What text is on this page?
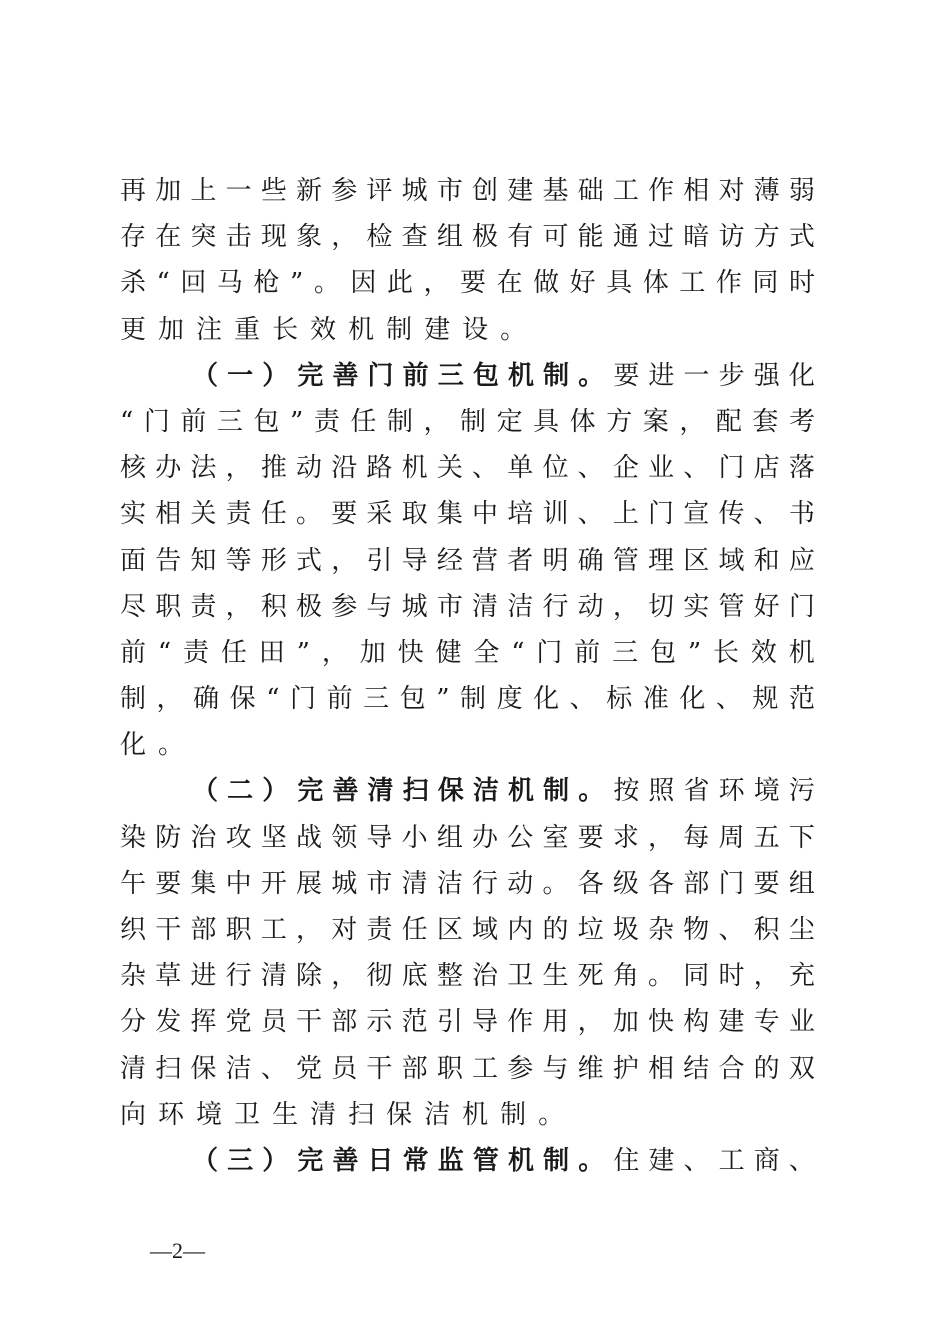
再 加 上 一 些 新 参 评 城 市 创 建 基 础 工 作 相 对 薄 弱
存 在 突 击 现 象 ， 检 查 组 极 有 可 能 通 过 暗 访 方 式
杀 “ 回 马 枪 ” 。 因 此 ， 要 在 做 好 具 体 工 作 同 时
更 加 注 重 长 效 机 制 建 设 。
（ 一 ） 完 善 门 前 三 包 机 制 。 要 进 一 步 强 化
“ 门 前 三 包 ” 责 任 制 ， 制 定 具 体 方 案 ， 配 套 考
核 办 法 ， 推 动 沿 路 机 关 、 单 位 、 企 业 、 门 店 落
实 相 关 责 任 。 要 采 取 集 中 培 训 、 上 门 宣 传 、 书
面 告 知 等 形 式 ， 引 导 经 营 者 明 确 管 理 区 域 和 应
尽 职 责 ， 积 极 参 与 城 市 清 洁 行 动 ， 切 实 管 好 门
前 “ 责 任 田 ” ， 加 快 健 全 “ 门 前 三 包 ” 长 效 机
制 ， 确 保 “ 门 前 三 包 ” 制 度 化 、 标 准 化 、 规 范
化 。
（ 二 ） 完 善 清 扫 保 洁 机 制 。 按 照 省 环 境 污
染 防 治 攻 坚 战 领 导 小 组 办 公 室 要 求 ， 每 周 五 下
午 要 集 中 开 展 城 市 清 洁 行 动 。 各 级 各 部 门 要 组
织 干 部 职 工 ， 对 责 任 区 域 内 的 垃 圾 杂 物 、 积 尘
杂 草 进 行 清 除 ， 彻 底 整 治 卫 生 死 角 。 同 时 ， 充
分 发 挥 党 员 干 部 示 范 引 导 作 用 ， 加 快 构 建 专 业
清 扫 保 洁 、 党 员 干 部 职 工 参 与 维 护 相 结 合 的 双
向 环 境 卫 生 清 扫 保 洁 机 制 。
（ 三 ） 完 善 日 常 监 管 机 制 。 住 建 、 工 商 、
—2—
